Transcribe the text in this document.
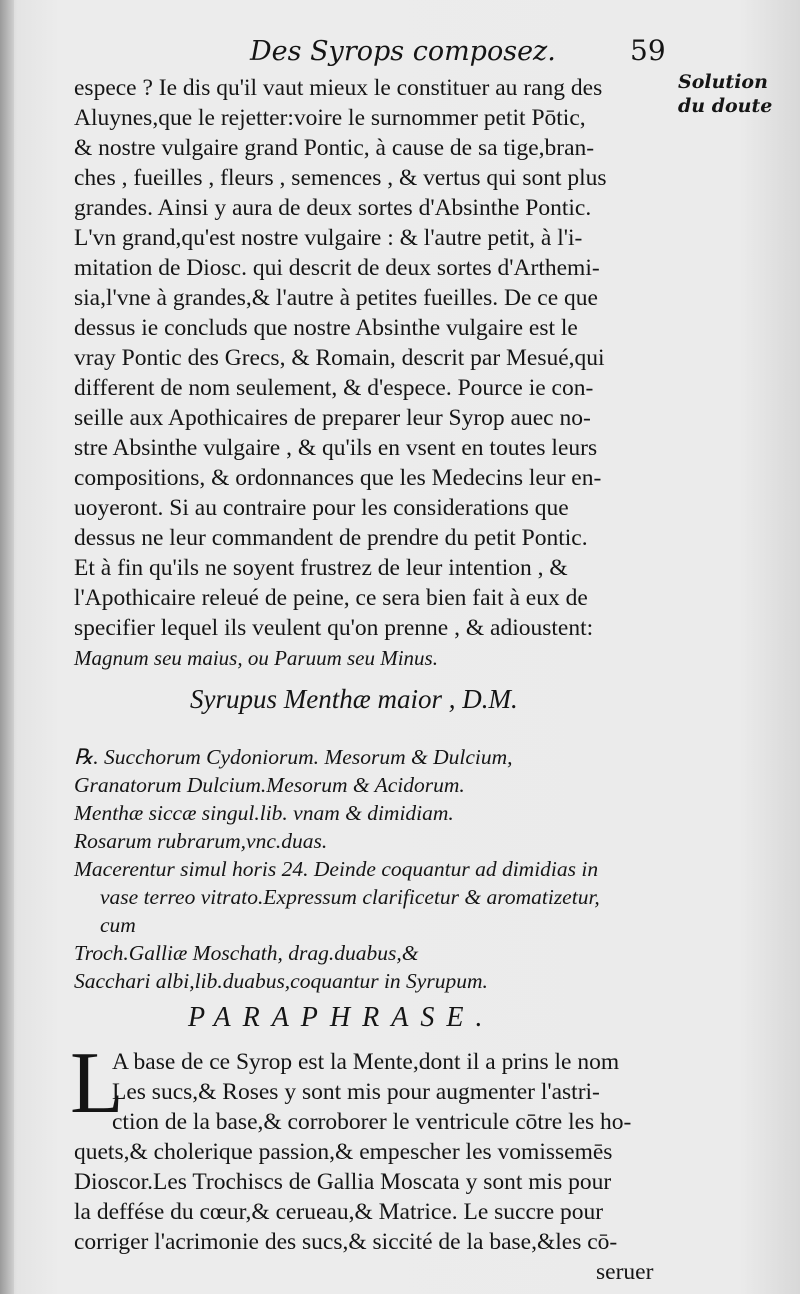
Des Syrops composez.	59
Solution
du doute

espece ? Ie dis qu'il vaut mieux le constituer au rang des
Aluynes,que le rejetter:voire le surnommer petit Pōtic,
& nostre vulgaire grand Pontic, à cause de sa tige,bran-
ches , fueilles , fleurs , semences , & vertus qui sont plus
grandes. Ainsi y aura de deux sortes d'Absinthe Pontic.
L'vn grand,qu'est nostre vulgaire : & l'autre petit, à l'i-
mitation de Diosc. qui descrit de deux sortes d'Arthemi-
sia,l'vne à grandes,& l'autre à petites fueilles. De ce que
dessus ie concluds que nostre Absinthe vulgaire est le
vray Pontic des Grecs, & Romain, descrit par Mesué,qui
different de nom seulement, & d'espece. Pource ie con-
seille aux Apothicaires de preparer leur Syrop auec no-
stre Absinthe vulgaire , & qu'ils en vsent en toutes leurs
compositions, & ordonnances que les Medecins leur en-
uoyeront. Si au contraire pour les considerations que
dessus ne leur commandent de prendre du petit Pontic.
Et à fin qu'ils ne soyent frustrez de leur intention , &
l'Apothicaire releué de peine, ce sera bien fait à eux de
specifier lequel ils veulent qu'on prenne , & adioustent:
Magnum seu maius, ou Paruum seu Minus.
Syrupus Menthæ maior , D.M.
℞. Succhorum Cydoniorum. Mesorum & Dulcium,
Granatorum Dulcium.Mesorum & Acidorum.
Menthæ siccæ singul.lib. vnam & dimidiam.
Rosarum rubrarum,vnc.duas.
Macerentur simul horis 24. Deinde coquantur ad dimidias in
vase terreo vitrato.Expressum clarificetur & aromatizetur,
cum
Troch.Galliæ Moschath, drag.duabus,&
Sacchari albi,lib.duabus,coquantur in Syrupum.
PARAPHRASE.
L
A base de ce Syrop est la Mente,dont il a prins le nom
Les sucs,& Roses y sont mis pour augmenter l'astri-
ction de la base,& corroborer le ventricule cōtre les ho-
quets,& cholerique passion,& empescher les vomissemēs
Dioscor.Les Trochiscs de Gallia Moscata y sont mis pour
la deffése du cœur,& cerueau,& Matrice. Le succre pour
corriger l'acrimonie des sucs,& siccité de la base,&les cō-
seruer
